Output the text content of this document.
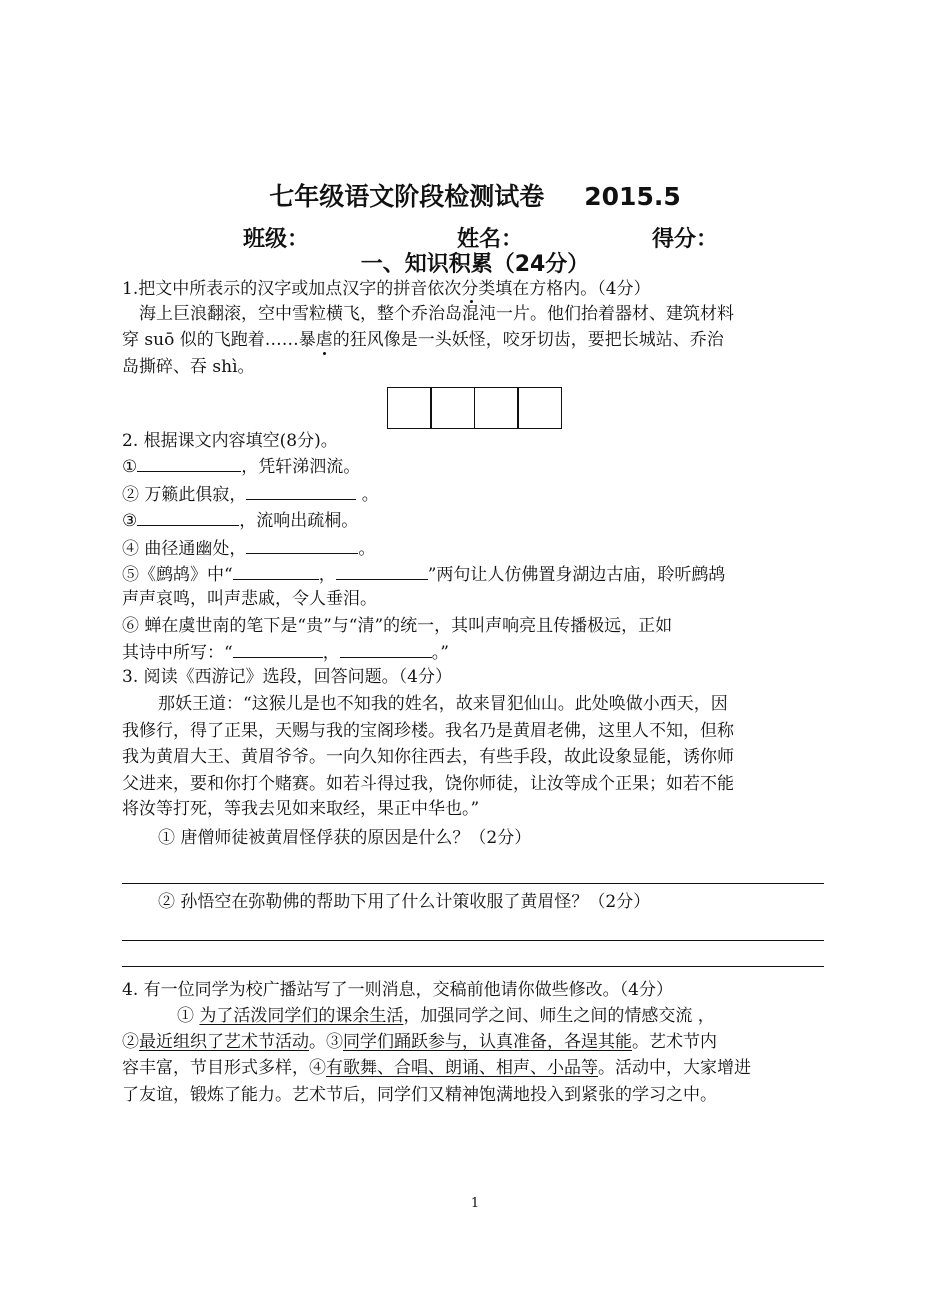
七年级语文阶段检测试卷 2015.5
班级：	姓名：	得分：
一、知识积累（24分）
1.把文中所表示的汉字或加点汉字的拼音依次分类填在方格内。（4分）
海上巨浪翻滚，空中雪粒横飞，整个乔治岛混沌一片。他们抬着器材、建筑材料
穿 suō 似的飞跑着……暴虐的狂风像是一头妖怪，咬牙切齿，要把长城站、乔治
岛撕碎、吞 shì。
2. 根据课文内容填空(8分)。
①	，凭轩涕泗流。
② 万籁此俱寂，	。
③	，流响出疏桐。
④ 曲径通幽处，	。
⑤《鹧鸪》中“	，	”两句让人仿佛置身湖边古庙，聆听鹧鸪
声声哀鸣，叫声悲戚，令人垂泪。
⑥ 蝉在虞世南的笔下是“贵”与“清”的统一，其叫声响亮且传播极远，正如
其诗中所写：“	，	。”
3. 阅读《西游记》选段，回答问题。（4分）
那妖王道：“这猴儿是也不知我的姓名，故来冒犯仙山。此处唤做小西天，因
我修行，得了正果，天赐与我的宝阁珍楼。我名乃是黄眉老佛，这里人不知，但称
我为黄眉大王、黄眉爷爷。一向久知你往西去，有些手段，故此设象显能，诱你师
父进来，要和你打个赌赛。如若斗得过我，饶你师徒，让汝等成个正果；如若不能
将汝等打死，等我去见如来取经，果正中华也。”
① 唐僧师徒被黄眉怪俘获的原因是什么？（2分）
② 孙悟空在弥勒佛的帮助下用了什么计策收服了黄眉怪？（2分）
4. 有一位同学为校广播站写了一则消息，交稿前他请你做些修改。（4分）
① 为了活泼同学们的课余生活，加强同学之间、师生之间的情感交流 ，
②最近组织了艺术节活动。③同学们踊跃参与，认真准备，各逞其能。艺术节内
容丰富，节目形式多样，④有歌舞、合唱、朗诵、相声、小品等。活动中，大家增进
了友谊，锻炼了能力。艺术节后，同学们又精神饱满地投入到紧张的学习之中。
1
